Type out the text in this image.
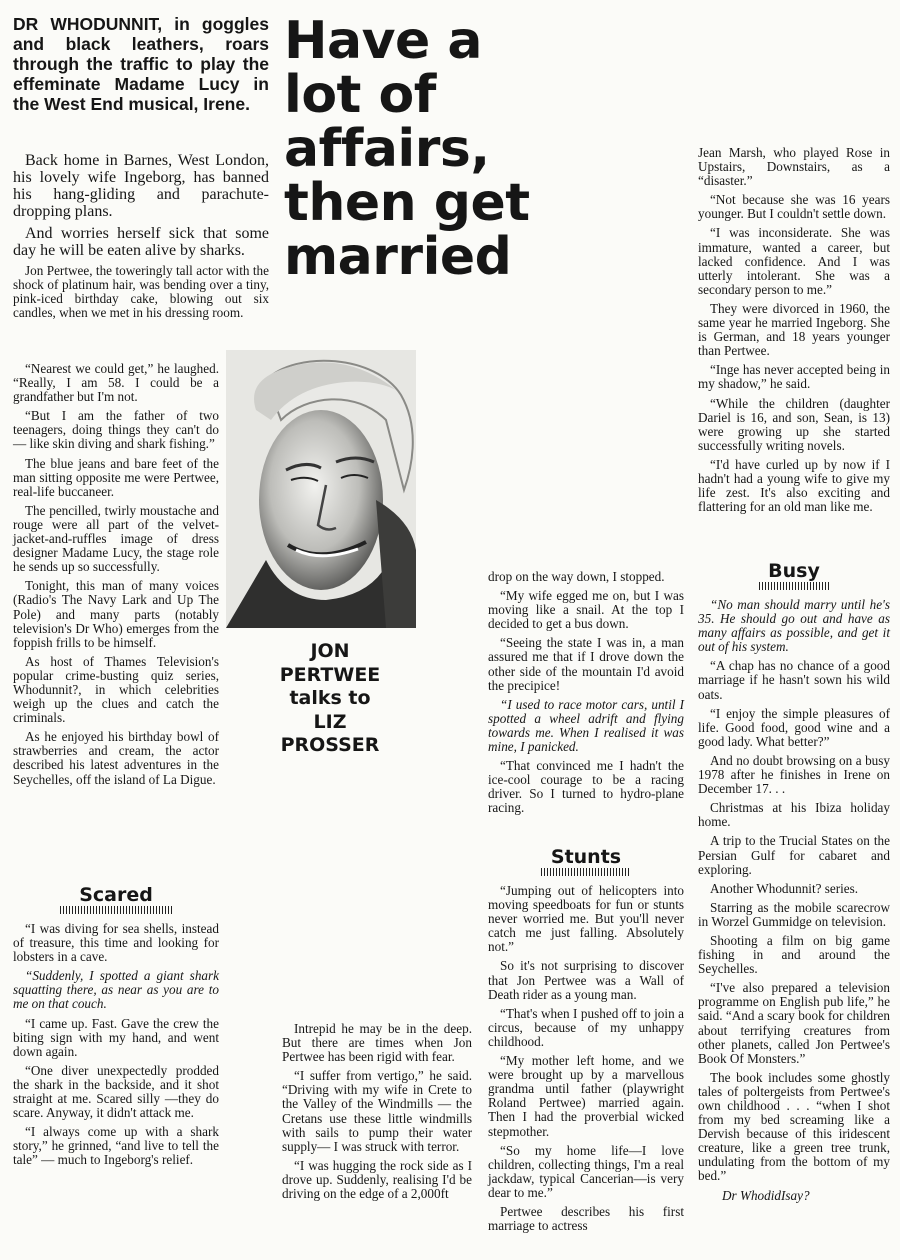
DR WHODUNNIT, in goggles and black leathers, roars through the traffic to play the effeminate Madame Lucy in the West End musical, Irene.
Have a
lot of
affairs,
then get
married
JON
PERTWEE
talks to
LIZ
PROSSER

Back home in Barnes, West London, his lovely wife Ingeborg, has banned his hang-gliding and parachute-dropping plans.

And worries herself sick that some day he will be eaten alive by sharks.

Jon Pertwee, the toweringly tall actor with the shock of platinum hair, was bending over a tiny, pink-iced birthday cake, blowing out six candles, when we met in his dressing room.

“Nearest we could get,” he laughed. “Really, I am 58. I could be a grandfather but I'm not.

“But I am the father of two teenagers, doing things they can't do — like skin diving and shark fishing.”

The blue jeans and bare feet of the man sitting opposite me were Pertwee, real-life buccaneer.

The pencilled, twirly moustache and rouge were all part of the velvet-jacket-and-ruffles image of dress designer Madame Lucy, the stage role he sends up so successfully.

Tonight, this man of many voices (Radio's The Navy Lark and Up The Pole) and many parts (notably television's Dr Who) emerges from the foppish frills to be himself.

As host of Thames Television's popular crime-busting quiz series, Whodunnit?, in which celebrities weigh up the clues and catch the criminals.

As he enjoyed his birthday bowl of strawberries and cream, the actor described his latest adventures in the Seychelles, off the island of La Digue.

Scared

“I was diving for sea shells, instead of treasure, this time and looking for lobsters in a cave.

“Suddenly, I spotted a giant shark squatting there, as near as you are to me on that couch.

“I came up. Fast. Gave the crew the biting sign with my hand, and went down again.

“One diver unexpectedly prodded the shark in the backside, and it shot straight at me. Scared silly —they do scare. Anyway, it didn't attack me.

“I always come up with a shark story,” he grinned, “and live to tell the tale” — much to Ingeborg's relief.

Intrepid he may be in the deep. But there are times when Jon Pertwee has been rigid with fear.

“I suffer from vertigo,” he said. “Driving with my wife in Crete to the Valley of the Windmills — the Cretans use these little windmills with sails to pump their water supply— I was struck with terror.

“I was hugging the rock side as I drove up. Suddenly, realising I'd be driving on the edge of a 2,000ft

drop on the way down, I stopped.

“My wife egged me on, but I was moving like a snail. At the top I decided to get a bus down.

“Seeing the state I was in, a man assured me that if I drove down the other side of the mountain I'd avoid the precipice!

“I used to race motor cars, until I spotted a wheel adrift and flying towards me. When I realised it was mine, I panicked.

“That convinced me I hadn't the ice-cool courage to be a racing driver. So I turned to hydro-plane racing.

Stunts

“Jumping out of helicopters into moving speedboats for fun or stunts never worried me. But you'll never catch me just falling. Absolutely not.”

So it's not surprising to discover that Jon Pertwee was a Wall of Death rider as a young man.

“That's when I pushed off to join a circus, because of my unhappy childhood.

“My mother left home, and we were brought up by a marvellous grandma until father (playwright Roland Pertwee) married again. Then I had the proverbial wicked stepmother.

“So my home life—I love children, collecting things, I'm a real jackdaw, typical Cancerian—is very dear to me.”

Pertwee describes his first marriage to actress

Jean Marsh, who played Rose in Upstairs, Downstairs, as a “disaster.”

“Not because she was 16 years younger. But I couldn't settle down.

“I was inconsiderate. She was immature, wanted a career, but lacked confidence. And I was utterly intolerant. She was a secondary person to me.”

They were divorced in 1960, the same year he married Ingeborg. She is German, and 18 years younger than Pertwee.

“Inge has never accepted being in my shadow,” he said.

“While the children (daughter Dariel is 16, and son, Sean, is 13) were growing up she started successfully writing novels.

“I'd have curled up by now if I hadn't had a young wife to give my life zest. It's also exciting and flattering for an old man like me.

Busy

“No man should marry until he's 35. He should go out and have as many affairs as possible, and get it out of his system.

“A chap has no chance of a good marriage if he hasn't sown his wild oats.

“I enjoy the simple pleasures of life. Good food, good wine and a good lady. What better?”

And no doubt browsing on a busy 1978 after he finishes in Irene on December 17. . .

Christmas at his Ibiza holiday home.

A trip to the Trucial States on the Persian Gulf for cabaret and exploring.

Another Whodunnit? series.

Starring as the mobile scarecrow in Worzel Gummidge on television.

Shooting a film on big game fishing in and around the Seychelles.

“I've also prepared a television programme on English pub life,” he said. “And a scary book for children about terrifying creatures from other planets, called Jon Pertwee's Book Of Monsters.”

The book includes some ghostly tales of poltergeists from Pertwee's own childhood . . . “when I shot from my bed screaming like a Dervish because of this iridescent creature, like a green tree trunk, undulating from the bottom of my bed.”

Dr WhodidIsay?
